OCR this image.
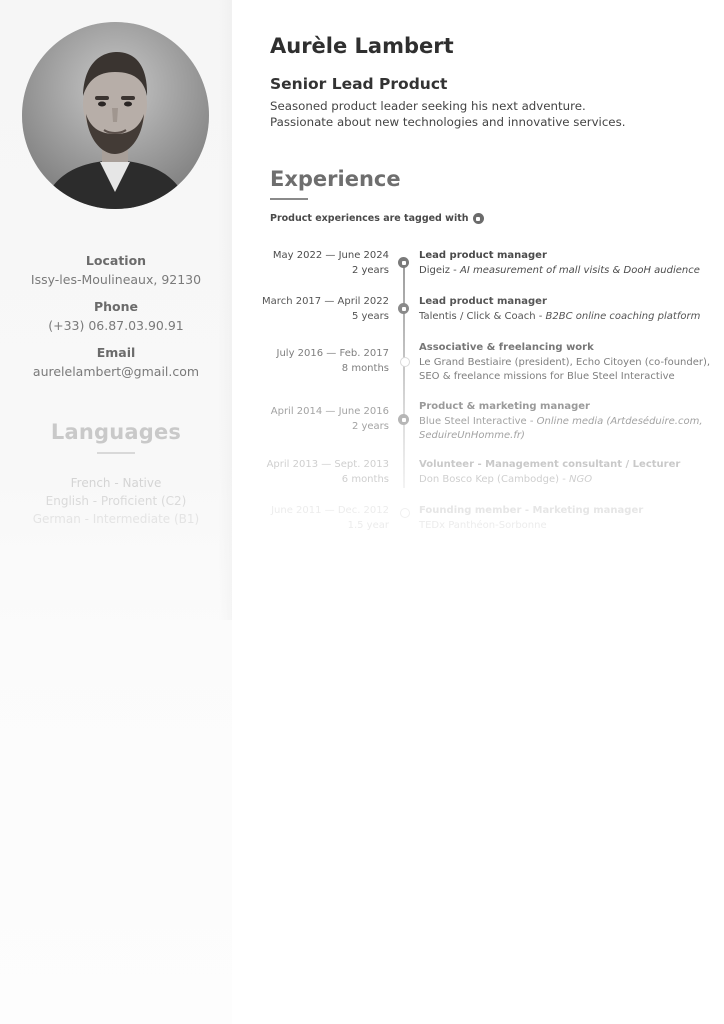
Location
Issy-les-Moulineaux, 92130
Phone
(+33) 06.87.03.90.91
Email
aurelelambert@gmail.com
Languages
French - Native
English - Proficient (C2)
German - Intermediate (B1)
Aurèle Lambert
Senior Lead Product
Seasoned product leader seeking his next adventure.
Passionate about new technologies and innovative services.
Experience
Product experiences are tagged with
May 2022 — June 2024
2 years
Lead product manager
Digeiz - AI measurement of mall visits & DooH audience
March 2017 — April 2022
5 years
Lead product manager
Talentis / Click & Coach - B2BC online coaching platform
July 2016 — Feb. 2017
8 months
Associative & freelancing work
Le Grand Bestiaire (president), Echo Citoyen (co-founder), SEO & freelance missions for Blue Steel Interactive
April 2014 — June 2016
2 years
Product & marketing manager
Blue Steel Interactive - Online media (Artdeséduire.com, SeduireUnHomme.fr)
April 2013 — Sept. 2013
6 months
Volunteer - Management consultant / Lecturer
Don Bosco Kep (Cambodge) - NGO
June 2011 — Dec. 2012
1.5 year
Founding member - Marketing manager
TEDx Panthéon-Sorbonne
